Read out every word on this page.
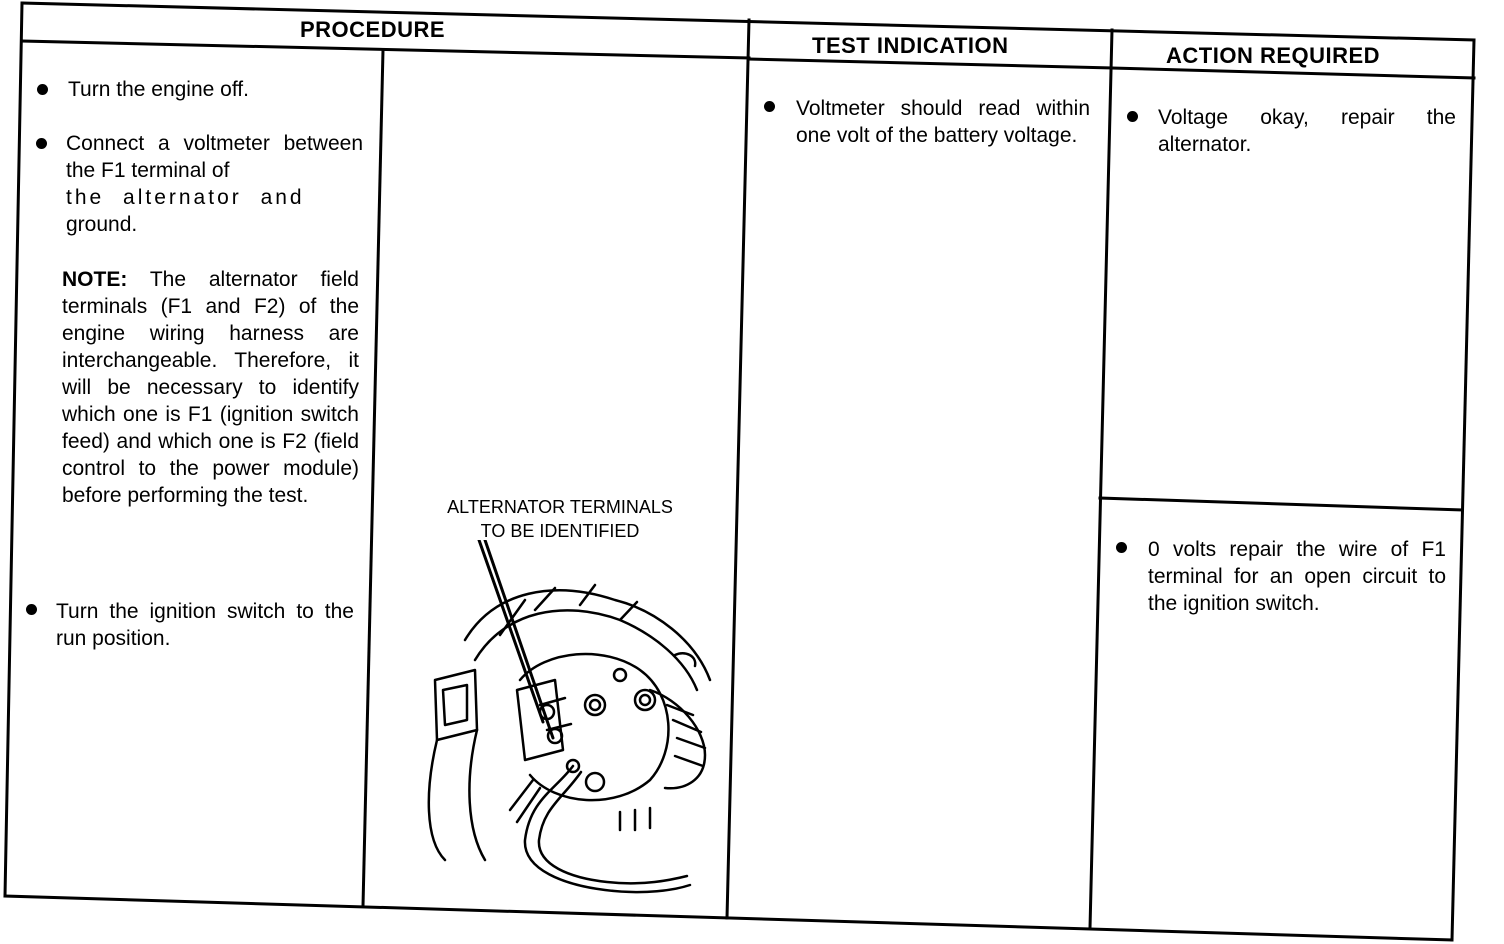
PROCEDURE
TEST INDICATION	ACTION REQUIRED
Turn the engine off.
Connect a voltmeter between the F1 terminal of
the alternator and
ground.
NOTE: The alternator field terminals (F1 and F2) of the engine wiring harness are interchangeable. Therefore, it will be necessary to identify which one is F1 (ignition switch feed) and which one is F2 (field control to the power module) before performing the test.
Turn the ignition switch to the run position.
ALTERNATOR TERMINALS
TO BE IDENTIFIED
Voltmeter should read within one volt of the battery voltage.
Voltage okay, repair the alternator.
0 volts repair the wire of F1 terminal for an open circuit to the ignition switch.
